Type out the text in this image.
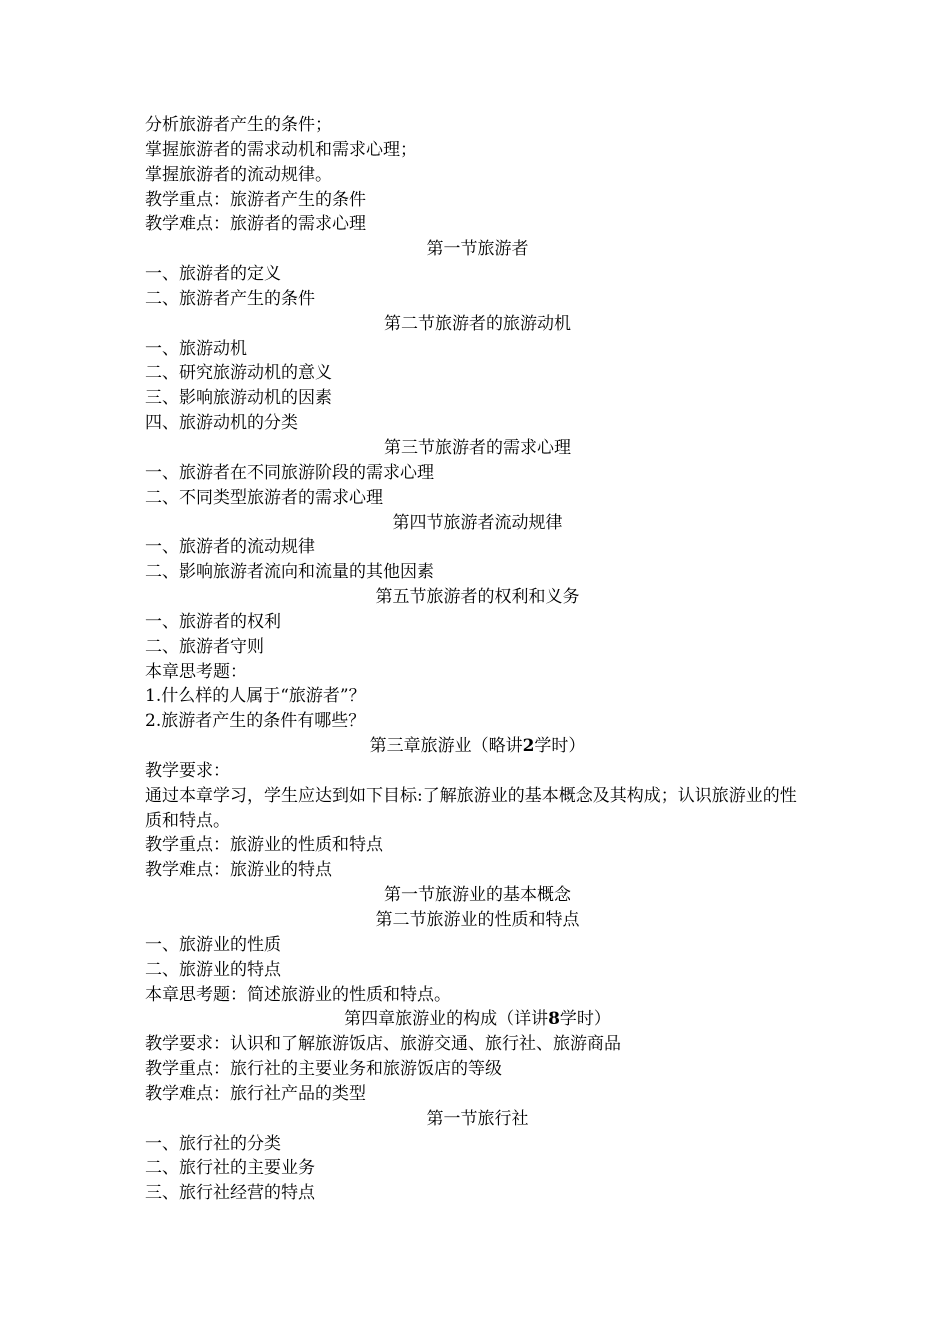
分析旅游者产生的条件；
掌握旅游者的需求动机和需求心理；
掌握旅游者的流动规律。
教学重点：旅游者产生的条件
教学难点：旅游者的需求心理
第一节旅游者
一、旅游者的定义
二、旅游者产生的条件
第二节旅游者的旅游动机
一、旅游动机
二、研究旅游动机的意义
三、影响旅游动机的因素
四、旅游动机的分类
第三节旅游者的需求心理
一、旅游者在不同旅游阶段的需求心理
二、不同类型旅游者的需求心理
第四节旅游者流动规律
一、旅游者的流动规律
二、影响旅游者流向和流量的其他因素
第五节旅游者的权利和义务
一、旅游者的权利
二、旅游者守则
本章思考题：
1.什么样的人属于“旅游者”？
2.旅游者产生的条件有哪些？
第三章旅游业（略讲2学时）
教学要求：
通过本章学习，学生应达到如下目标:了解旅游业的基本概念及其构成；认识旅游业的性质和特点。
教学重点：旅游业的性质和特点
教学难点：旅游业的特点
第一节旅游业的基本概念
第二节旅游业的性质和特点
一、旅游业的性质
二、旅游业的特点
本章思考题：简述旅游业的性质和特点。
第四章旅游业的构成（详讲8学时）
教学要求：认识和了解旅游饭店、旅游交通、旅行社、旅游商品
教学重点：旅行社的主要业务和旅游饭店的等级
教学难点：旅行社产品的类型
第一节旅行社
一、旅行社的分类
二、旅行社的主要业务
三、旅行社经营的特点
